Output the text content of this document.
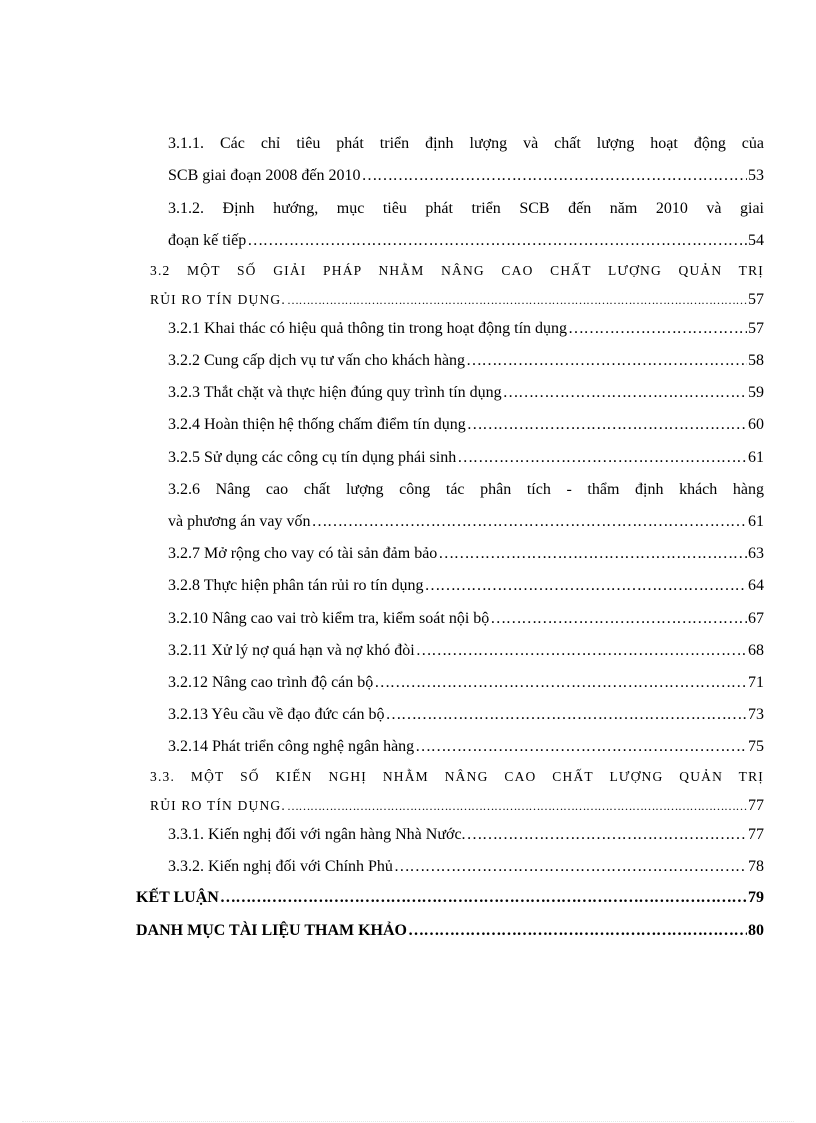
3.1.1. Các chỉ tiêu phát triển định lượng và chất lượng hoạt động của
SCB giai đoạn 2008 đến 2010 …………………………………………………………………………………………………………………………………………………………………………………………………………………………	53
3.1.2. Định hướng, mục tiêu phát triển SCB đến năm 2010 và giai
đoạn kế tiếp …………………………………………………………………………………………………………………………………………………………………………………………………………………………	54
3.2 MỘT SỐ GIẢI PHÁP NHẰM NÂNG CAO CHẤT LƯỢNG QUẢN TRỊ
RỦI RO TÍN DỤNG. …………………………………………………………………………………………………………………………………………………………………………………………………………………………	57
3.2.1 Khai thác có hiệu quả thông tin trong hoạt động tín dụng …………………………………………………………………………………………………………………………………………………………………………………………………………………………	57
3.2.2 Cung cấp dịch vụ tư vấn cho khách hàng …………………………………………………………………………………………………………………………………………………………………………………………………………………………	58
3.2.3 Thắt chặt và thực hiện đúng quy trình tín dụng …………………………………………………………………………………………………………………………………………………………………………………………………………………………	59
3.2.4 Hoàn thiện hệ thống chấm điểm tín dụng …………………………………………………………………………………………………………………………………………………………………………………………………………………………	60
3.2.5 Sử dụng các công cụ tín dụng phái sinh …………………………………………………………………………………………………………………………………………………………………………………………………………………………	61
3.2.6 Nâng cao chất lượng công tác phân tích - thẩm định khách hàng
và phương án vay vốn …………………………………………………………………………………………………………………………………………………………………………………………………………………………	61
3.2.7 Mở rộng cho vay có tài sản đảm bảo …………………………………………………………………………………………………………………………………………………………………………………………………………………………	63
3.2.8 Thực hiện phân tán rủi ro tín dụng …………………………………………………………………………………………………………………………………………………………………………………………………………………………	64
3.2.10 Nâng cao vai trò kiểm tra, kiểm soát nội bộ …………………………………………………………………………………………………………………………………………………………………………………………………………………………	67
3.2.11 Xử lý nợ quá hạn và nợ khó đòi …………………………………………………………………………………………………………………………………………………………………………………………………………………………	68
3.2.12 Nâng cao trình độ cán bộ …………………………………………………………………………………………………………………………………………………………………………………………………………………………	71
3.2.13 Yêu cầu về đạo đức cán bộ …………………………………………………………………………………………………………………………………………………………………………………………………………………………	73
3.2.14 Phát triển công nghệ ngân hàng …………………………………………………………………………………………………………………………………………………………………………………………………………………………	75
3.3. MỘT SỐ KIẾN NGHỊ NHẰM NÂNG CAO CHẤT LƯỢNG QUẢN TRỊ
RỦI RO TÍN DỤNG. …………………………………………………………………………………………………………………………………………………………………………………………………………………………	77
3.3.1. Kiến nghị đối với ngân hàng Nhà Nước. …………………………………………………………………………………………………………………………………………………………………………………………………………………………	77
3.3.2. Kiến nghị đối với Chính Phủ …………………………………………………………………………………………………………………………………………………………………………………………………………………………	78
KẾT LUẬN …………………………………………………………………………………………………………………………………………………………………………………………………………………………	79
DANH MỤC TÀI LIỆU THAM KHẢO …………………………………………………………………………………………………………………………………………………………………………………………………………………………	80
